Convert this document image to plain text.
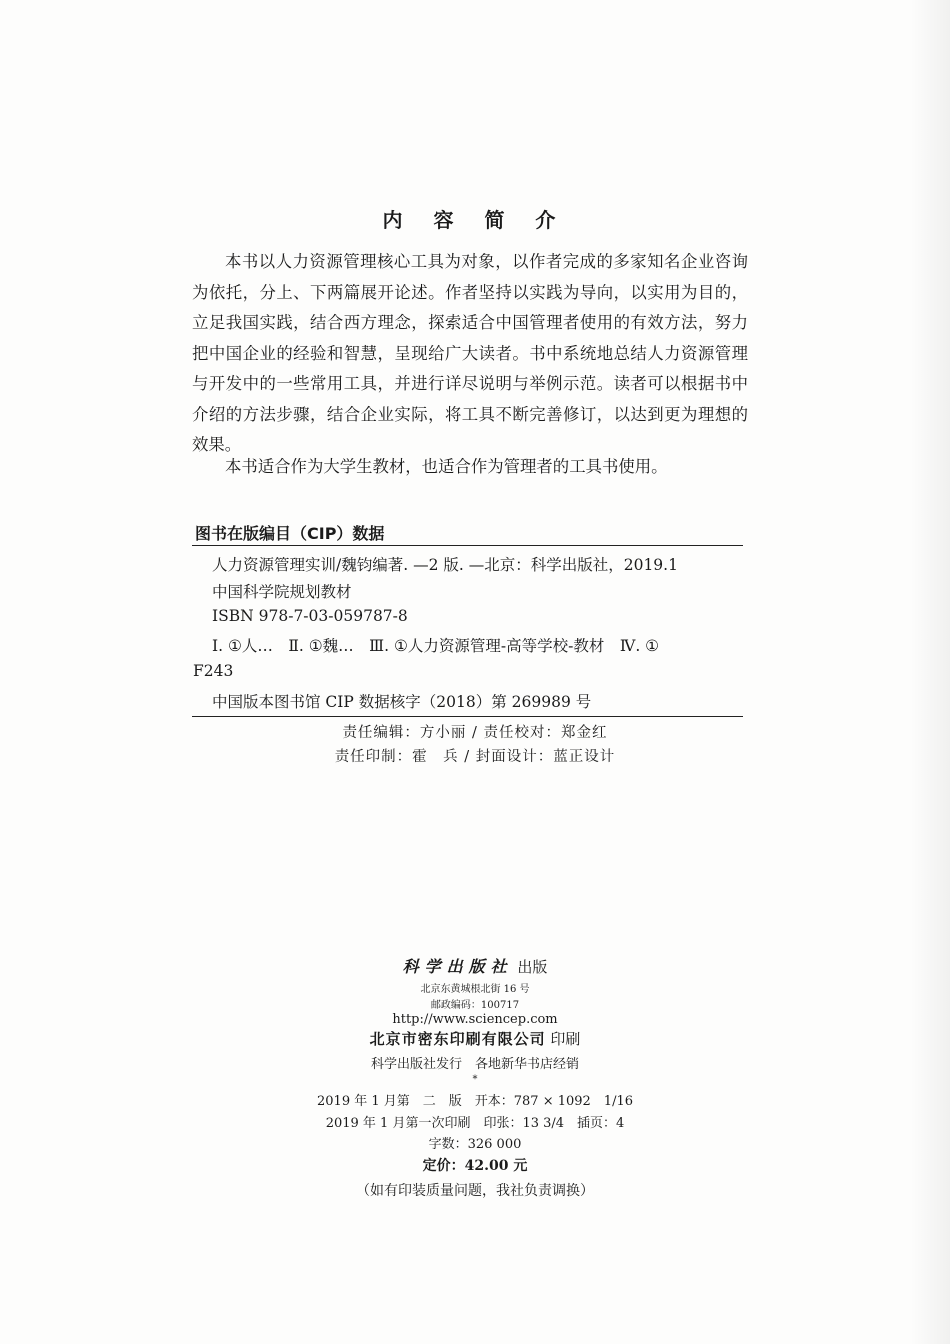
内 容 简 介
本书以人力资源管理核心工具为对象，以作者完成的多家知名企业咨询为依托，分上、下两篇展开论述。作者坚持以实践为导向，以实用为目的，立足我国实践，结合西方理念，探索适合中国管理者使用的有效方法，努力把中国企业的经验和智慧，呈现给广大读者。书中系统地总结人力资源管理与开发中的一些常用工具，并进行详尽说明与举例示范。读者可以根据书中介绍的方法步骤，结合企业实际，将工具不断完善修订，以达到更为理想的效果。
本书适合作为大学生教材，也适合作为管理者的工具书使用。
图书在版编目（CIP）数据
人力资源管理实训/魏钧编著. —2 版. —北京：科学出版社，2019.1
中国科学院规划教材
ISBN 978-7-03-059787-8
Ⅰ. ①人…　Ⅱ. ①魏…　Ⅲ. ①人力资源管理-高等学校-教材　Ⅳ. ①
F243
中国版本图书馆 CIP 数据核字（2018）第 269989 号
责任编辑：方小丽 / 责任校对：郑金红
责任印制：霍　兵 / 封面设计：蓝正设计
科学出版社 出版
北京东黄城根北街 16 号
邮政编码：100717
http://www.sciencep.com
北京市密东印刷有限公司 印刷
科学出版社发行　各地新华书店经销
*
2019 年 1 月第　二　版　开本：787 × 1092　1/16
2019 年 1 月第一次印刷　印张：13 3/4　插页：4
字数：326 000
定价：42.00 元
（如有印装质量问题，我社负责调换）
